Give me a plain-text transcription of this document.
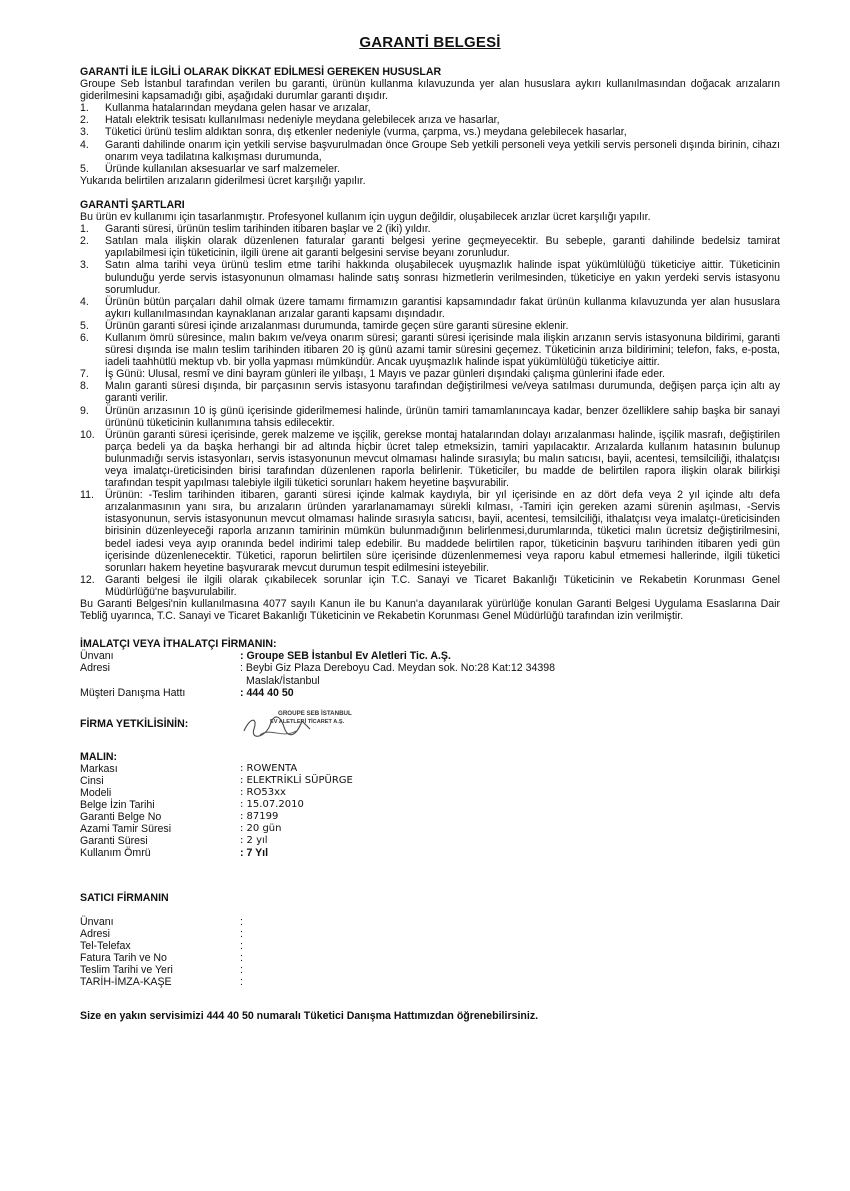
GARANTİ BELGESİ
GARANTİ İLE İLGİLİ OLARAK DİKKAT EDİLMESİ GEREKEN HUSUSLAR

Groupe Seb İstanbul tarafından verilen bu garanti, ürünün kullanma kılavuzunda yer alan hususlara aykırı kullanılmasından doğacak arızaların giderilmesini kapsamadığı gibi, aşağıdaki durumlar garanti dışıdır.

1.	Kullanma hatalarından meydana gelen hasar ve arızalar,
2.	Hatalı elektrik tesisatı kullanılması nedeniyle meydana gelebilecek arıza ve hasarlar,
3.	Tüketici ürünü teslim aldıktan sonra, dış etkenler nedeniyle (vurma, çarpma, vs.) meydana gelebilecek hasarlar,
4.	Garanti dahilinde onarım için yetkili servise başvurulmadan önce Groupe Seb yetkili personeli veya yetkili servis personeli dışında birinin, cihazı onarım veya tadilatına kalkışması durumunda,
5.	Üründe kullanılan aksesuarlar ve sarf malzemeler.

Yukarıda belirtilen arızaların giderilmesi ücret karşılığı yapılır.

GARANTİ ŞARTLARI

Bu ürün ev kullanımı için tasarlanmıştır. Profesyonel kullanım için uygun değildir, oluşabilecek arızlar ücret karşılığı yapılır.

1.	Garanti süresi, ürünün teslim tarihinden itibaren başlar ve 2 (iki) yıldır.
2.	Satılan mala ilişkin olarak düzenlenen faturalar garanti belgesi yerine geçmeyecektir. Bu sebeple, garanti dahilinde bedelsiz tamirat yapılabilmesi için tüketicinin, ilgili ürene ait garanti belgesini servise beyanı zorunludur.
3.	Satın alma tarihi veya ürünü teslim etme tarihi hakkında oluşabilecek uyuşmazlık halinde ispat yükümlülüğü tüketiciye aittir. Tüketicinin bulunduğu yerde servis istasyonunun olmaması halinde satış sonrası hizmetlerin verilmesinden, tüketiciye en yakın yerdeki servis istasyonu sorumludur.
4.	Ürünün bütün parçaları dahil olmak üzere tamamı firmamızın garantisi kapsamındadır fakat ürünün kullanma kılavuzunda yer alan hususlara aykırı kullanılmasından kaynaklanan arızalar garanti kapsamı dışındadır.
5.	Ürünün garanti süresi içinde arızalanması durumunda, tamirde geçen süre garanti süresine eklenir.
6.	Kullanım ömrü süresince, malın bakım ve/veya onarım süresi; garanti süresi içerisinde mala ilişkin arızanın servis istasyonuna bildirimi, garanti süresi dışında ise malın teslim tarihinden itibaren 20 iş günü azami tamir süresini geçemez. Tüketicinin arıza bildirimini; telefon, faks, e-posta, iadeli taahhütlü mektup vb. bir yolla yapması mümkündür. Ancak uyuşmazlık halinde ispat yükümlülüğü tüketiciye aittir.
7.	İş Günü: Ulusal, resmî ve dini bayram günleri ile yılbaşı, 1 Mayıs ve pazar günleri dışındaki çalışma günlerini ifade eder.
8.	Malın garanti süresi dışında, bir parçasının servis istasyonu tarafından değiştirilmesi ve/veya satılması durumunda, değişen parça için altı ay garanti verilir.
9.	Ürünün arızasının 10 iş günü içerisinde giderilmemesi halinde, ürünün tamiri tamamlanıncaya kadar, benzer özelliklere sahip başka bir sanayi ürününü tüketicinin kullanımına tahsis edilecektir.
10. Ürünün garanti süresi içerisinde, gerek malzeme ve işçilik, gerekse montaj hatalarından dolayı arızalanması halinde, işçilik masrafı, değiştirilen parça bedeli ya da başka herhangi bir ad altında hiçbir ücret talep etmeksizin, tamiri yapılacaktır. Arızalarda kullanım hatasının bulunup bulunmadığı servis istasyonları, servis istasyonunun mevcut olmaması halinde sırasıyla; bu malın satıcısı, bayii, acentesi, temsilciliği, ithalatçısı veya imalatçı-üreticisinden birisi tarafından düzenlenen raporla belirlenir. Tüketiciler, bu madde de belirtilen rapora ilişkin olarak bilirkişi tarafından tespit yapılması talebiyle ilgili tüketici sorunları hakem heyetine başvurabilir.
11.	Ürünün: -Teslim tarihinden itibaren, garanti süresi içinde kalmak kaydıyla, bir yıl içerisinde en az dört defa veya 2 yıl içinde altı defa arızalanmasının yanı sıra, bu arızaların üründen yararlanamamayı sürekli kılması, -Tamiri için gereken azami sürenin aşılması, -Servis istasyonunun, servis istasyonunun mevcut olmaması halinde sırasıyla satıcısı, bayii, acentesi, temsilciliği, ithalatçısı veya imalatçı-üreticisinden birisinin düzenleyeceği raporla arızanın tamirinin mümkün bulunmadığının belirlenmesi,durumlarında, tüketici malın ücretsiz değiştirilmesini, bedel iadesi veya ayıp oranında bedel indirimi talep edebilir. Bu maddede belirtilen rapor, tüketicinin başvuru tarihinden itibaren yedi gün içerisinde düzenlenecektir. Tüketici, raporun belirtilen süre içerisinde düzenlenmemesi veya raporu kabul etmemesi hallerinde, ilgili tüketici sorunları hakem heyetine başvurarak mevcut durumun tespit edilmesini isteyebilir.
12. Garanti belgesi ile ilgili olarak çıkabilecek sorunlar için T.C. Sanayi ve Ticaret Bakanlığı Tüketicinin ve Rekabetin Korunması Genel Müdürlüğü'ne başvurulabilir.

Bu Garanti Belgesi'nin kullanılmasına 4077 sayılı Kanun ile bu Kanun'a dayanılarak yürürlüğe konulan Garanti Belgesi Uygulama Esaslarına Dair Tebliğ uyarınca, T.C. Sanayi ve Ticaret Bakanlığı Tüketicinin ve Rekabetin Korunması Genel Müdürlüğü tarafından izin verilmiştir.

İMALATÇI VEYA İTHALATÇI FİRMANIN:
Ünvanı	: Groupe SEB İstanbul Ev Aletleri Tic. A.Ş.
Adresi	: Beybi Giz Plaza Dereboyu Cad. Meydan sok. No:28 Kat:12 34398
Maslak/İstanbul
Müşteri Danışma Hattı	: 444 40 50
FİRMA YETKİLİSİNİN:
GROUPE SEB İSTANBUL
EV ALETLERİ TİCARET A.Ş.
MALIN:
Markası	: ROWENTA
Cinsi	: ELEKTRİKLİ SÜPÜRGE
Modeli	: RO53xx
Belge İzin Tarihi	: 15.07.2010
Garanti Belge No	: 87199
Azami Tamir Süresi	: 20 gün
Garanti Süresi	: 2 yıl
Kullanım Ömrü	: 7 Yıl
SATICI FİRMANIN
Ünvanı	:
Adresi	:
Tel-Telefax	:
Fatura Tarih ve No	:
Teslim Tarihi ve Yeri	:
TARİH-İMZA-KAŞE	:
Size en yakın servisimizi 444 40 50 numaralı Tüketici Danışma Hattımızdan öğrenebilirsiniz.
